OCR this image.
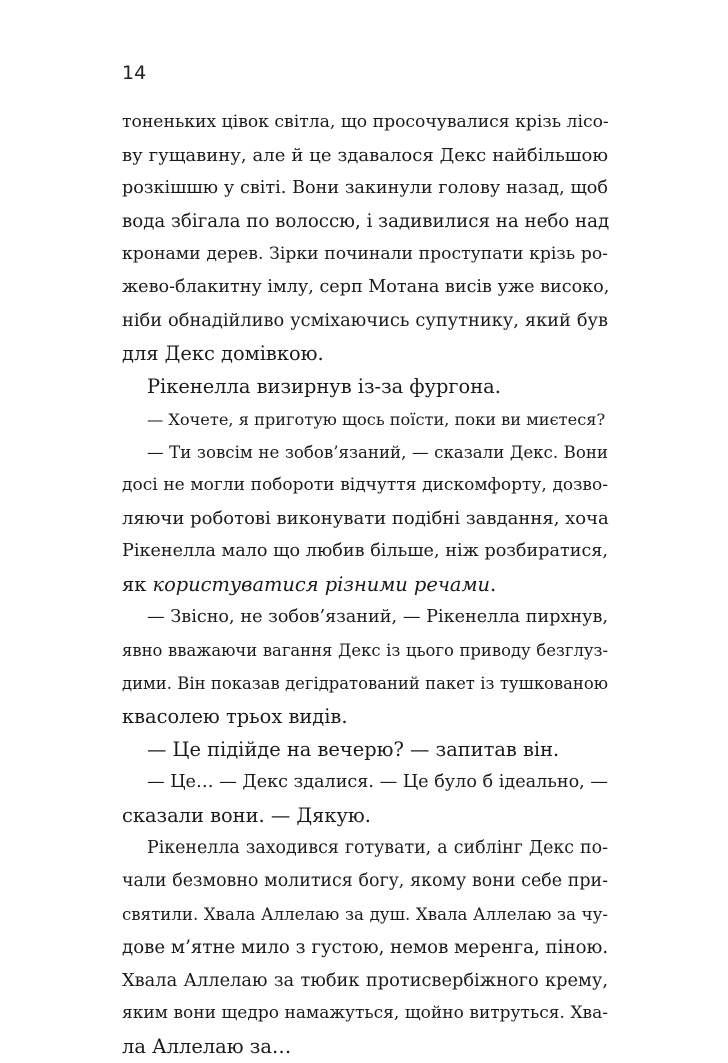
14
тоненьких цівок світла, що просочувалися крізь лісо-
ву гущавину, але й це здавалося Декс найбільшою
розкішшю у світі. Вони закинули голову назад, щоб
вода збігала по волоссю, і задивилися на небо над
кронами дерев. Зірки починали проступати крізь ро-
жево-блакитну імлу, серп Мотана висів уже високо,
ніби обнадійливо усміхаючись супутнику, який був
для Декс домівкою.
Рікенелла визирнув із-за фургона.
— Хочете, я приготую щось поїсти, поки ви миєтеся?
— Ти зовсім не зобов’язаний, — сказали Декс. Вони
досі не могли побороти відчуття дискомфорту, дозво-
ляючи роботові виконувати подібні завдання, хоча
Рікенелла мало що любив більше, ніж розбиратися,
як користуватися різними речами.
— Звісно, не зобов’язаний, — Рікенелла пирхнув,
явно вважаючи вагання Декс із цього приводу безглуз-
дими. Він показав дегідратований пакет із тушкованою
квасолею трьох видів.
— Це підійде на вечерю? — запитав він.
— Це… — Декс здалися. — Це було б ідеально, —
сказали вони. — Дякую.
Рікенелла заходився готувати, а сиблінг Декс по-
чали безмовно молитися богу, якому вони себе при-
святили. Хвала Аллелаю за душ. Хвала Аллелаю за чу-
дове м’ятне мило з густою, немов меренга, піною.
Хвала Аллелаю за тюбик протисвербіжного крему,
яким вони щедро намажуться, щойно витруться. Хва-
ла Аллелаю за…
